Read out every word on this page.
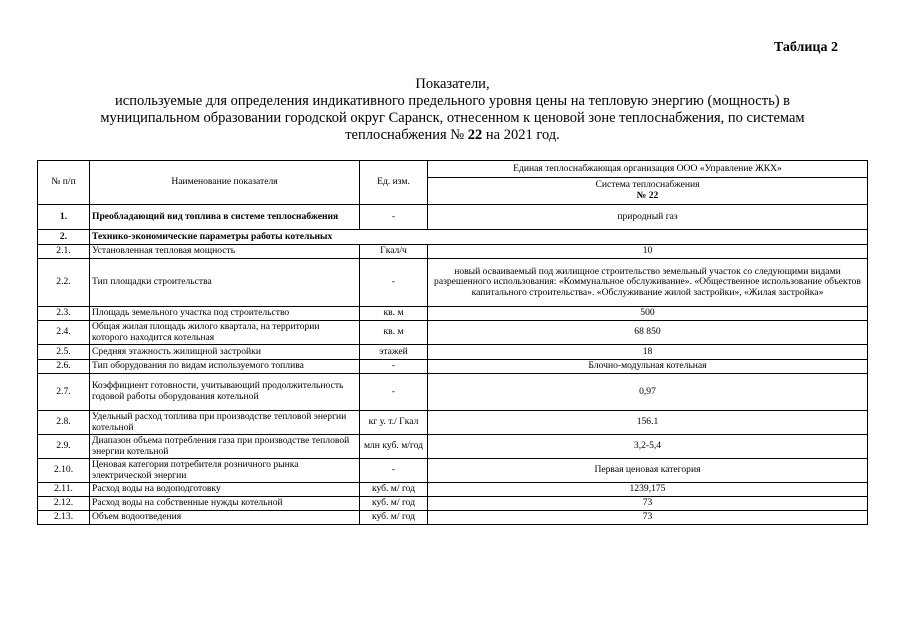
Таблица 2
Показатели,
используемые для определения индикативного предельного уровня цены на тепловую энергию (мощность) в
муниципальном образовании городской округ Саранск, отнесенном к ценовой зоне теплоснабжения, по системам
теплоснабжения № 22 на 2021 год.
№ п/п	Наименование показателя	Ед. изм.	Единая теплоснабжающая организация ООО «Управление ЖКХ»
			Система теплоснабжения
№ 22

1.	Преобладающий вид топлива в системе теплоснабжения	-	природный газ
2.	Технико-экономические параметры работы котельных		
2.1.	Установленная тепловая мощность	Гкал/ч	10
2.2.	Тип площадки строительства	-	новый осваиваемый под жилищное строительство земельный участок со следующими видами разрешенного использования: «Коммунальное обслуживание». «Общественное использование объектов капитального строительства». «Обслуживание жилой застройки», «Жилая застройка»
2.3.	Площадь земельного участка под строительство	кв. м	500
2.4.	Общая жилая площадь жилого квартала, на территории которого находится котельная	кв. м	68 850
2.5.	Средняя этажность жилищной застройки	этажей	18
2.6.	Тип оборудования по видам используемого топлива	-	Блочно-модульная котельная
2.7.	Коэффициент готовности, учитывающий продолжительность годовой работы оборудования котельной	-	0,97
2.8.	Удельный расход топлива при производстве тепловой энергии котельной	кг у. т./ Гкал	156.1
2.9.	Диапазон объема потребления газа при производстве тепловой энергии котельной	млн куб. м/год	3,2-5,4
2.10.	Ценовая категория потребителя розничного рынка электрической энергии	-	Первая ценовая категория
2.11.	Расход воды на водоподготовку	куб. м/ год	1239,175
2.12.	Расход воды на собственные нужды котельной	куб. м/ год	73
2.13.	Объем водоотведения	куб. м/ год	73
